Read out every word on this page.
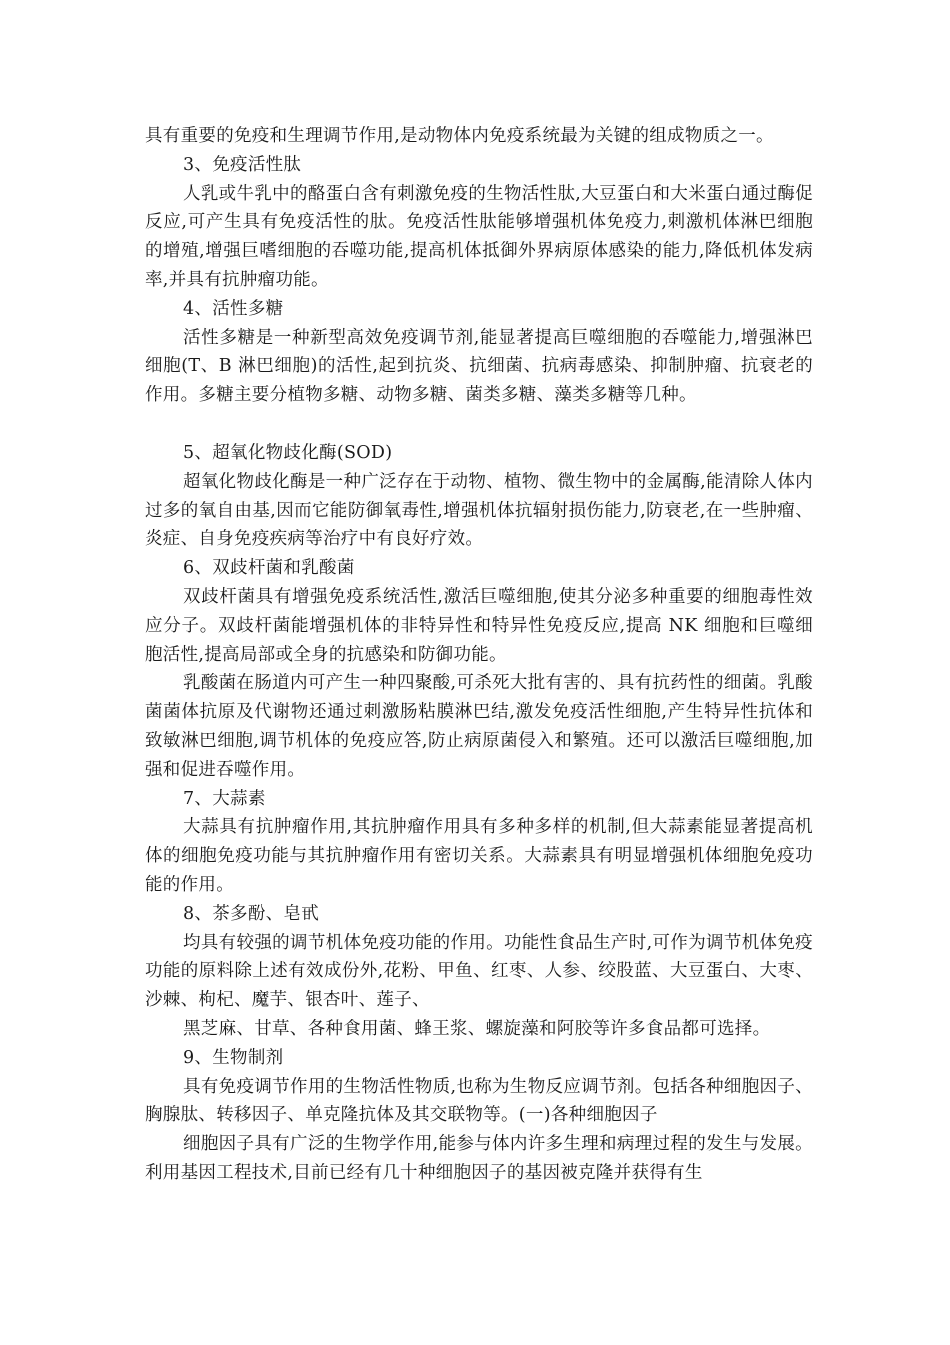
具有重要的免疫和生理调节作用,是动物体内免疫系统最为关键的组成物质之一。

3、免疫活性肽

人乳或牛乳中的酪蛋白含有刺激免疫的生物活性肽,大豆蛋白和大米蛋白通过酶促反应,可产生具有免疫活性的肽。免疫活性肽能够增强机体免疫力,刺激机体淋巴细胞的增殖,增强巨嗜细胞的吞噬功能,提高机体抵御外界病原体感染的能力,降低机体发病率,并具有抗肿瘤功能。

4、活性多糖

活性多糖是一种新型高效免疫调节剂,能显著提高巨噬细胞的吞噬能力,增强淋巴细胞(T、B 淋巴细胞)的活性,起到抗炎、抗细菌、抗病毒感染、抑制肿瘤、抗衰老的作用。多糖主要分植物多糖、动物多糖、菌类多糖、藻类多糖等几种。

5、超氧化物歧化酶(SOD)

超氧化物歧化酶是一种广泛存在于动物、植物、微生物中的金属酶,能清除人体内过多的氧自由基,因而它能防御氧毒性,增强机体抗辐射损伤能力,防衰老,在一些肿瘤、炎症、自身免疫疾病等治疗中有良好疗效。

6、双歧杆菌和乳酸菌

双歧杆菌具有增强免疫系统活性,激活巨噬细胞,使其分泌多种重要的细胞毒性效应分子。双歧杆菌能增强机体的非特异性和特异性免疫反应,提高 NK 细胞和巨噬细胞活性,提高局部或全身的抗感染和防御功能。

乳酸菌在肠道内可产生一种四聚酸,可杀死大批有害的、具有抗药性的细菌。乳酸菌菌体抗原及代谢物还通过刺激肠粘膜淋巴结,激发免疫活性细胞,产生特异性抗体和致敏淋巴细胞,调节机体的免疫应答,防止病原菌侵入和繁殖。还可以激活巨噬细胞,加强和促进吞噬作用。

7、大蒜素

大蒜具有抗肿瘤作用,其抗肿瘤作用具有多种多样的机制,但大蒜素能显著提高机体的细胞免疫功能与其抗肿瘤作用有密切关系。大蒜素具有明显增强机体细胞免疫功能的作用。

8、茶多酚、皂甙

均具有较强的调节机体免疫功能的作用。功能性食品生产时,可作为调节机体免疫功能的原料除上述有效成份外,花粉、甲鱼、红枣、人参、绞股蓝、大豆蛋白、大枣、沙棘、枸杞、魔芋、银杏叶、莲子、

黑芝麻、甘草、各种食用菌、蜂王浆、螺旋藻和阿胶等许多食品都可选择。

9、生物制剂

具有免疫调节作用的生物活性物质,也称为生物反应调节剂。包括各种细胞因子、胸腺肽、转移因子、单克隆抗体及其交联物等。(一)各种细胞因子

细胞因子具有广泛的生物学作用,能参与体内许多生理和病理过程的发生与发展。利用基因工程技术,目前已经有几十种细胞因子的基因被克隆并获得有生
